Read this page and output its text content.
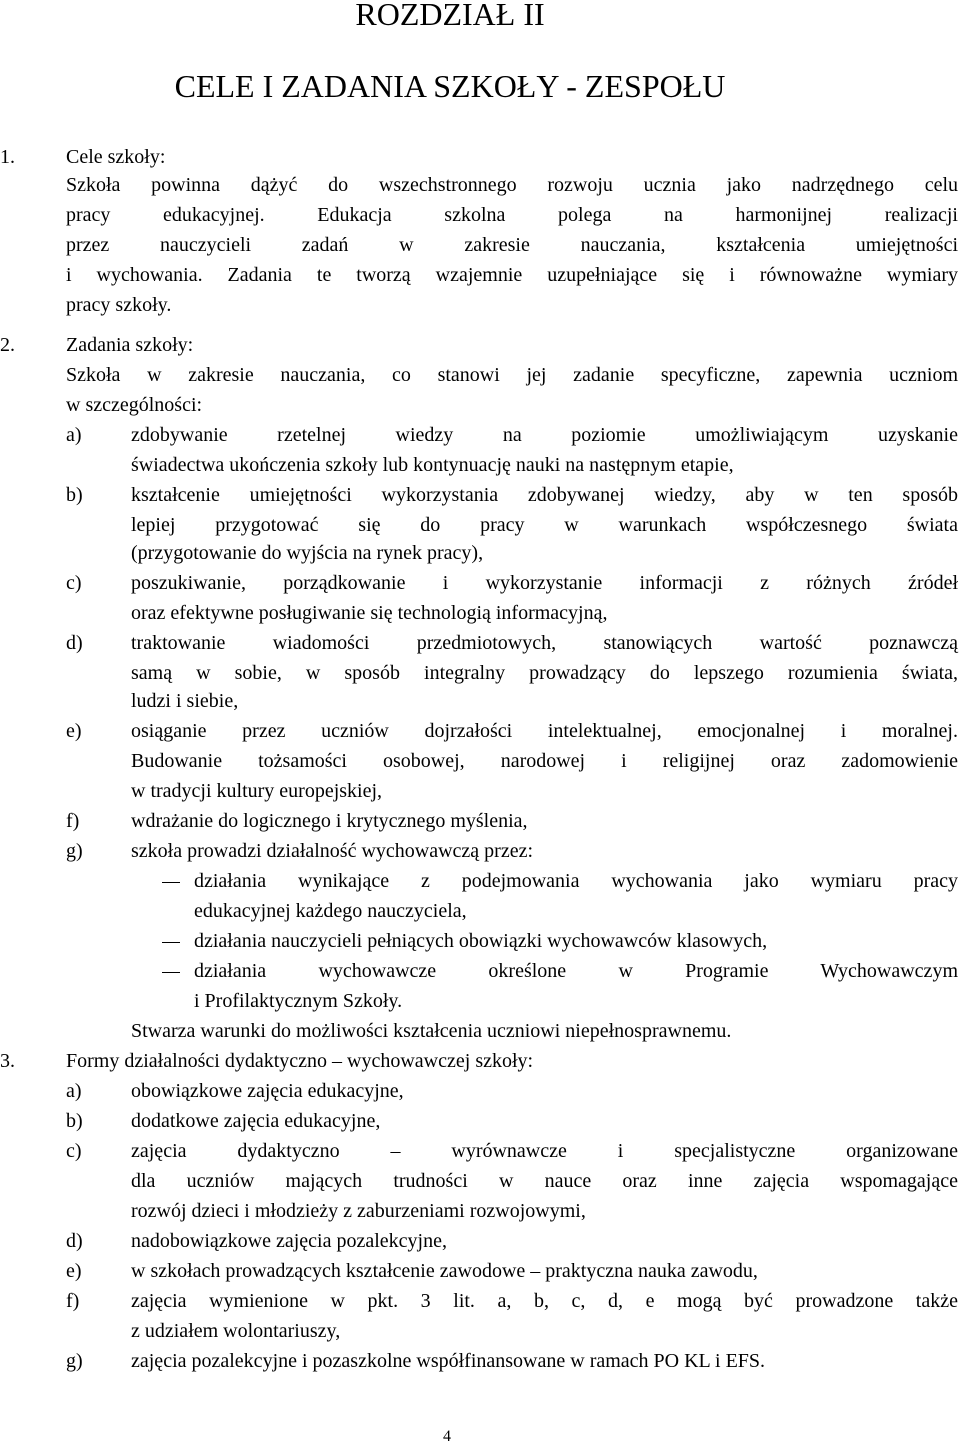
ROZDZIAŁ II
CELE I ZADANIA SZKOŁY - ZESPOŁU
1.	Cele szkoły:
Szkoła powinna dążyć do wszechstronnego rozwoju ucznia jako nadrzędnego celu
pracy edukacyjnej. Edukacja szkolna polega na harmonijnej realizacji
przez nauczycieli zadań w zakresie nauczania, kształcenia umiejętności
i wychowania. Zadania te tworzą wzajemnie uzupełniające się i równoważne wymiary
pracy szkoły.
2.	Zadania szkoły:
Szkoła w zakresie nauczania, co stanowi jej zadanie specyficzne, zapewnia uczniom
w szczególności:
a) zdobywanie rzetelnej wiedzy na poziomie umożliwiającym uzyskanie
świadectwa ukończenia szkoły lub kontynuację nauki na następnym etapie,
b) kształcenie umiejętności wykorzystania zdobywanej wiedzy, aby w ten sposób
lepiej przygotować się do pracy w warunkach współczesnego świata
(przygotowanie do wyjścia na rynek pracy),
c) poszukiwanie, porządkowanie i wykorzystanie informacji z różnych źródeł
oraz efektywne posługiwanie się technologią informacyjną,
d) traktowanie wiadomości przedmiotowych, stanowiących wartość poznawczą
samą w sobie, w sposób integralny prowadzący do lepszego rozumienia świata,
ludzi i siebie,
e) osiąganie przez uczniów dojrzałości intelektualnej, emocjonalnej i moralnej.
Budowanie tożsamości osobowej, narodowej i religijnej oraz zadomowienie
w tradycji kultury europejskiej,
f)	wdrażanie do logicznego i krytycznego myślenia,
g) szkoła prowadzi działalność wychowawczą przez:
działania wynikające z podejmowania wychowania jako wymiaru pracy
edukacyjnej każdego nauczyciela,
działania nauczycieli pełniących obowiązki wychowawców klasowych,
działania wychowawcze określone w Programie Wychowawczym
i Profilaktycznym Szkoły.
Stwarza warunki do możliwości kształcenia uczniowi niepełnosprawnemu.
3.	Formy działalności dydaktyczno – wychowawczej szkoły:
a) obowiązkowe zajęcia edukacyjne,
b) dodatkowe zajęcia edukacyjne,
c) zajęcia dydaktyczno – wyrównawcze i specjalistyczne organizowane
dla uczniów mających trudności w nauce oraz inne zajęcia wspomagające
rozwój dzieci i młodzieży z zaburzeniami rozwojowymi,
d) nadobowiązkowe zajęcia pozalekcyjne,
e) w szkołach prowadzących kształcenie zawodowe – praktyczna nauka zawodu,
f)	zajęcia wymienione w pkt. 3 lit. a, b, c, d, e mogą być prowadzone także
z udziałem wolontariuszy,
g) zajęcia pozalekcyjne i pozaszkolne współfinansowane w ramach PO KL i EFS.
4
